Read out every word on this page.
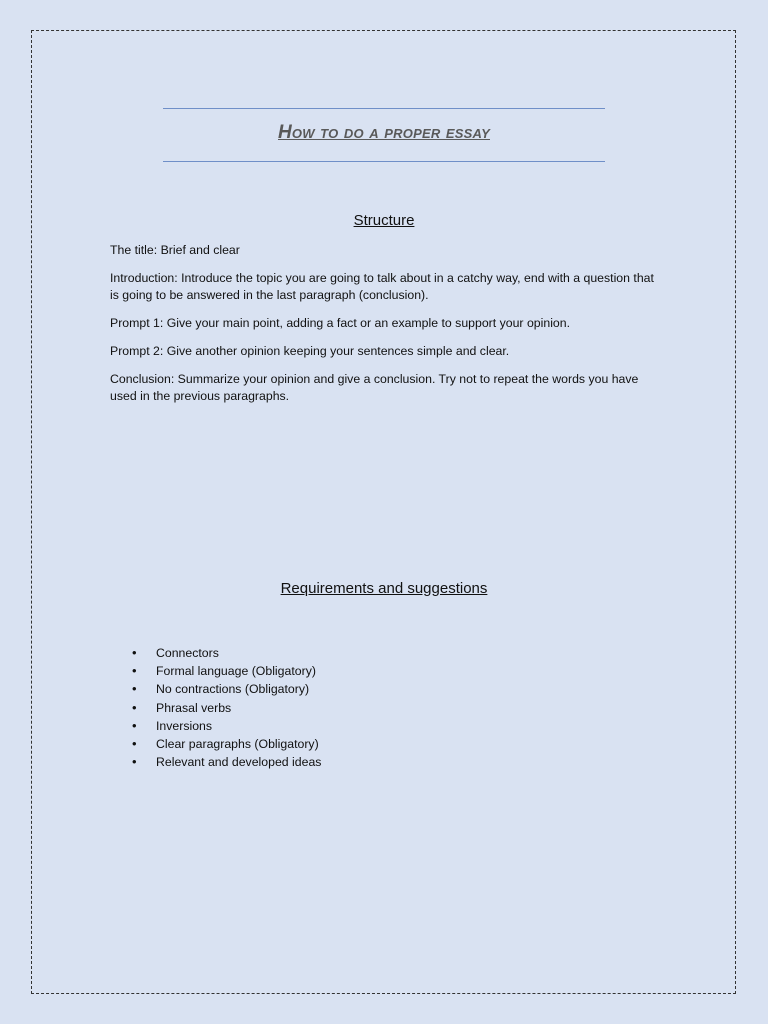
How to do a proper essay
Structure

The title: Brief and clear

Introduction: Introduce the topic you are going to talk about in a catchy way, end with a question that is going to be answered in the last paragraph (conclusion).

Prompt 1: Give your main point, adding a fact or an example to support your opinion.

Prompt 2: Give another opinion keeping your sentences simple and clear.

Conclusion: Summarize your opinion and give a conclusion. Try not to repeat the words you have used in the previous paragraphs.

Requirements and suggestions
• Connectors
• Formal language (Obligatory)
• No contractions (Obligatory)
• Phrasal verbs
• Inversions
• Clear paragraphs (Obligatory)
• Relevant and developed ideas
